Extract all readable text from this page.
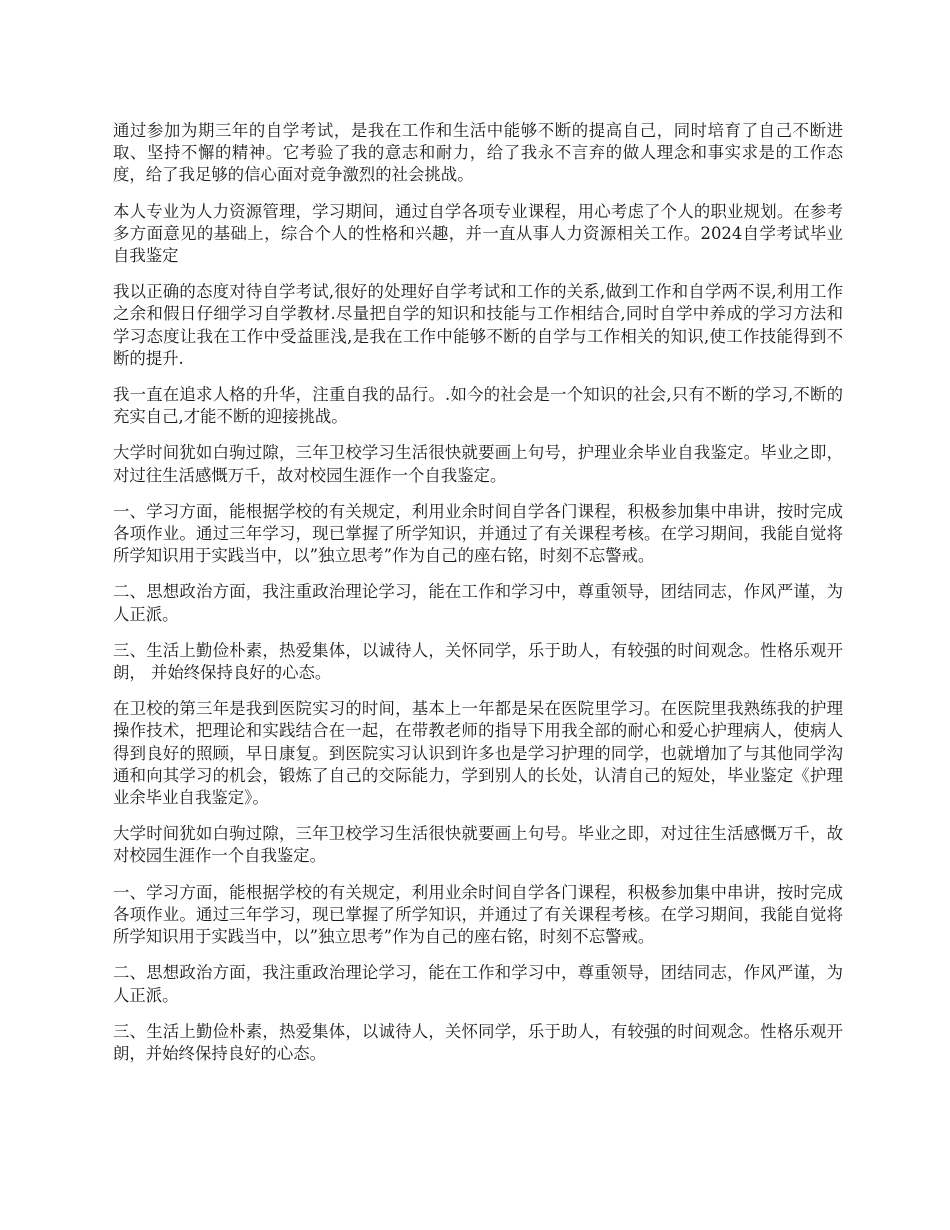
通过参加为期三年的自学考试，是我在工作和生活中能够不断的提高自己，同时培育了自己不断进取、坚持不懈的精神。它考验了我的意志和耐力，给了我永不言弃的做人理念和事实求是的工作态度，给了我足够的信心面对竞争激烈的社会挑战。

本人专业为人力资源管理，学习期间，通过自学各项专业课程，用心考虑了个人的职业规划。在参考多方面意见的基础上，综合个人的性格和兴趣，并一直从事人力资源相关工作。2024自学考试毕业自我鉴定

我以正确的态度对待自学考试,很好的处理好自学考试和工作的关系,做到工作和自学两不误,利用工作之余和假日仔细学习自学教材.尽量把自学的知识和技能与工作相结合,同时自学中养成的学习方法和学习态度让我在工作中受益匪浅,是我在工作中能够不断的自学与工作相关的知识,使工作技能得到不断的提升.

我一直在追求人格的升华，注重自我的品行。.如今的社会是一个知识的社会,只有不断的学习,不断的充实自己,才能不断的迎接挑战。

大学时间犹如白驹过隙，三年卫校学习生活很快就要画上句号，护理业余毕业自我鉴定。毕业之即，对过往生活感慨万千，故对校园生涯作一个自我鉴定。

一、学习方面，能根据学校的有关规定，利用业余时间自学各门课程，积极参加集中串讲，按时完成各项作业。通过三年学习，现已掌握了所学知识，并通过了有关课程考核。在学习期间，我能自觉将所学知识用于实践当中，以”独立思考”作为自己的座右铭，时刻不忘警戒。

二、思想政治方面，我注重政治理论学习，能在工作和学习中，尊重领导，团结同志，作风严谨，为人正派。

三、生活上勤俭朴素，热爱集体，以诚待人，关怀同学，乐于助人，有较强的时间观念。性格乐观开朗， 并始终保持良好的心态。

在卫校的第三年是我到医院实习的时间，基本上一年都是呆在医院里学习。在医院里我熟练我的护理操作技术，把理论和实践结合在一起，在带教老师的指导下用我全部的耐心和爱心护理病人，使病人得到良好的照顾，早日康复。到医院实习认识到许多也是学习护理的同学，也就增加了与其他同学沟通和向其学习的机会，锻炼了自己的交际能力，学到别人的长处，认清自己的短处，毕业鉴定《护理业余毕业自我鉴定》。

大学时间犹如白驹过隙，三年卫校学习生活很快就要画上句号。毕业之即，对过往生活感慨万千，故对校园生涯作一个自我鉴定。

一、学习方面，能根据学校的有关规定，利用业余时间自学各门课程，积极参加集中串讲，按时完成各项作业。通过三年学习，现已掌握了所学知识，并通过了有关课程考核。在学习期间，我能自觉将所学知识用于实践当中，以”独立思考”作为自己的座右铭，时刻不忘警戒。

二、思想政治方面，我注重政治理论学习，能在工作和学习中，尊重领导，团结同志，作风严谨，为人正派。

三、生活上勤俭朴素，热爱集体，以诚待人，关怀同学，乐于助人，有较强的时间观念。性格乐观开朗，并始终保持良好的心态。
